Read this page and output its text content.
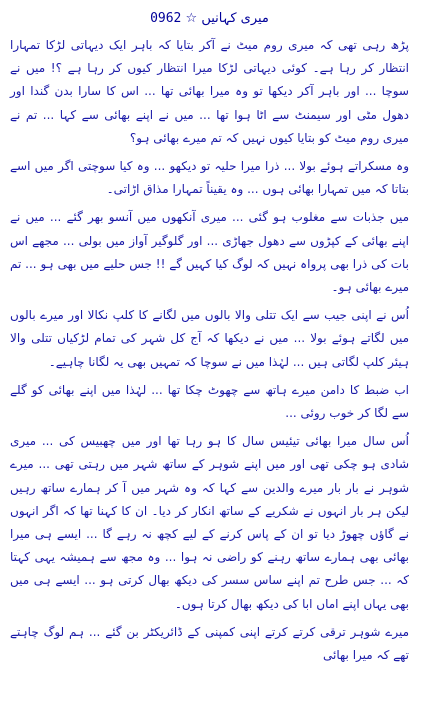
میری کہانیں ☆ 0962

پڑھ رہی تھی کہ میری روم میٹ نے آکر بتایا کہ باہر ایک دیہاتی لڑکا تمہارا انتظار کر رہا ہے۔ کوئی دیہاتی لڑکا میرا انتظار کیوں کر رہا ہے ؟! میں نے سوچا ... اور باہر آکر دیکھا تو وہ میرا بھائی تھا ... اس کا سارا بدن گندا اور دھول مٹی اور سیمنٹ سے اٹا ہوا تھا ... میں نے اپنے بھائی سے کہا ... تم نے میری روم میٹ کو بتایا کیوں نہیں کہ تم میرے بھائی ہو؟

وہ مسکراتے ہوئے بولا ... ذرا میرا حلیہ تو دیکھو ... وہ کیا سوچتی اگر میں اسے بتاتا کہ میں تمہارا بھائی ہوں ... وہ یقیناً تمہارا مذاق اڑاتی۔

میں جذبات سے مغلوب ہو گئی ... میری آنکھوں میں آنسو بھر گئے ... میں نے اپنے بھائی کے کپڑوں سے دھول جھاڑی ... اور گلوگیر آواز میں بولی ... مجھے اس بات کی ذرا بھی پرواہ نہیں کہ لوگ کیا کہیں گے !! جس حلیے میں بھی ہو ... تم میرے بھائی ہو۔

اُس نے اپنی جیب سے ایک تتلی والا بالوں میں لگانے کا کلپ نکالا اور میرے بالوں میں لگاتے ہوئے بولا ... میں نے دیکھا کہ آج کل شہر کی تمام لڑکیاں تتلی والا ہیئر کلپ لگاتی ہیں ... لہٰذا میں نے سوچا کہ تمہیں بھی یہ لگانا چاہیے۔

اب ضبط کا دامن میرے ہاتھ سے چھوٹ چکا تھا ... لہٰذا میں اپنے بھائی کو گلے سے لگا کر خوب روئی ...

اُس سال میرا بھائی تیئیس سال کا ہو رہا تھا اور میں چھبیس کی ... میری شادی ہو چکی تھی اور میں اپنے شوہر کے ساتھ شہر میں رہتی تھی ... میرے شوہر نے بار بار میرے والدین سے کہا کہ وہ شہر میں آ کر ہمارے ساتھ رہیں لیکن ہر بار انہوں نے شکریے کے ساتھ انکار کر دیا۔ ان کا کہنا تھا کہ اگر انہوں نے گاؤں چھوڑ دیا تو ان کے پاس کرنے کے لیے کچھ نہ رہے گا ... ایسے ہی میرا بھائی بھی ہمارے ساتھ رہنے کو راضی نہ ہوا ... وہ مجھ سے ہمیشہ یہی کہتا کہ ... جس طرح تم اپنے ساس سسر کی دیکھ بھال کرتی ہو ... ایسے ہی میں بھی یہاں اپنے اماں ابا کی دیکھ بھال کرتا ہوں۔

میرے شوہر ترقی کرتے کرتے اپنی کمپنی کے ڈائریکٹر بن گئے ... ہم لوگ چاہتے تھے کہ میرا بھائی
